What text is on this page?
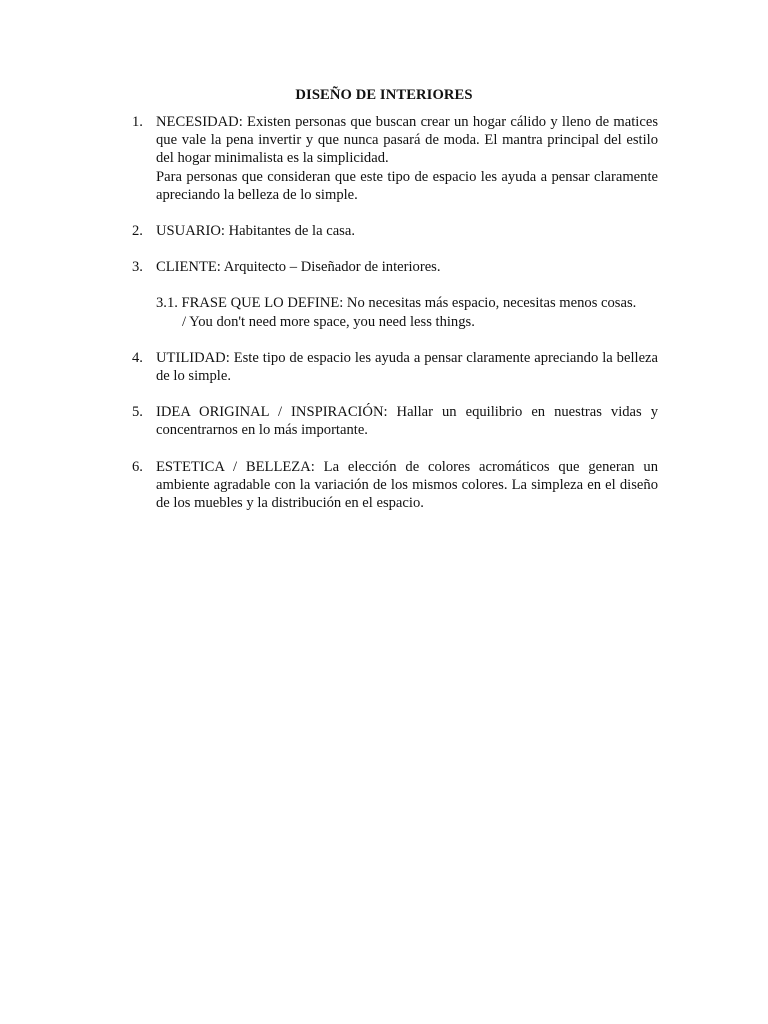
DISEÑO DE INTERIORES
1. NECESIDAD: Existen personas que buscan crear un hogar cálido y lleno de matices que vale la pena invertir y que nunca pasará de moda. El mantra principal del estilo del hogar minimalista es la simplicidad.

Para personas que consideran que este tipo de espacio les ayuda a pensar claramente apreciando la belleza de lo simple.

2. USUARIO: Habitantes de la casa.

3. CLIENTE: Arquitecto – Diseñador de interiores.

3.1. FRASE QUE LO DEFINE: No necesitas más espacio, necesitas menos cosas.

/ You don't need more space, you need less things.

4. UTILIDAD: Este tipo de espacio les ayuda a pensar claramente apreciando la belleza de lo simple.

5. IDEA ORIGINAL / INSPIRACIÓN: Hallar un equilibrio en nuestras vidas y concentrarnos en lo más importante.

6. ESTETICA / BELLEZA: La elección de colores acromáticos que generan un ambiente agradable con la variación de los mismos colores. La simpleza en el diseño de los muebles y la distribución en el espacio.
